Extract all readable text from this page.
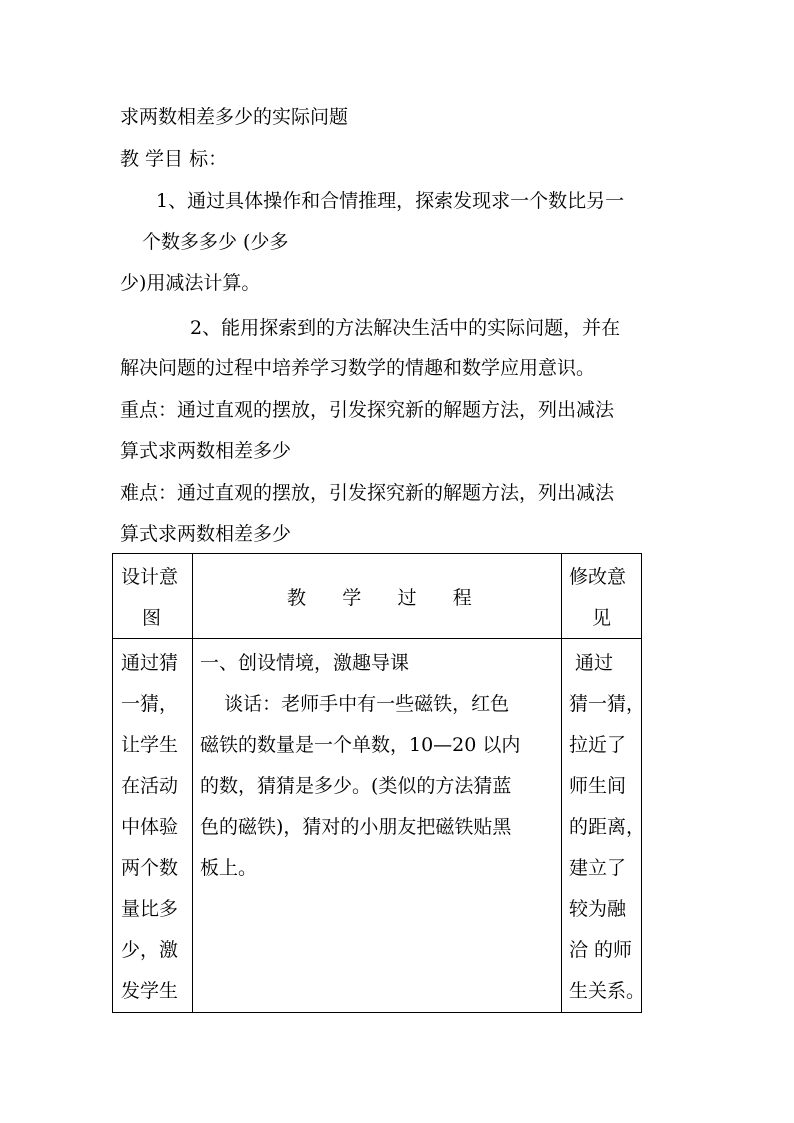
求两数相差多少的实际问题
教 学目 标：
1、通过具体操作和合情推理，探索发现求一个数比另一
个数多多少 (少多
少)用减法计算。
2、能用探索到的方法解决生活中的实际问题，并在
解决问题的过程中培养学习数学的情趣和数学应用意识。
重点：通过直观的摆放，引发探究新的解题方法，列出减法
算式求两数相差多少
难点：通过直观的摆放，引发探究新的解题方法，列出减法
算式求两数相差多少
设计意
图
教      学      过      程
修改意
见
通过猜
一猜，
让学生
在活动
中体验
两个数
量比多
少，激
发学生
一、创设情境，激趣导课
谈话：老师手中有一些磁铁，红色
磁铁的数量是一个单数，10—20 以内
的数，猜猜是多少。(类似的方法猜蓝
色的磁铁)，猜对的小朋友把磁铁贴黑
板上。
通过
猜一猜，
拉近了
师生间
的距离，
建立了
较为融
洽 的师
生关系。
